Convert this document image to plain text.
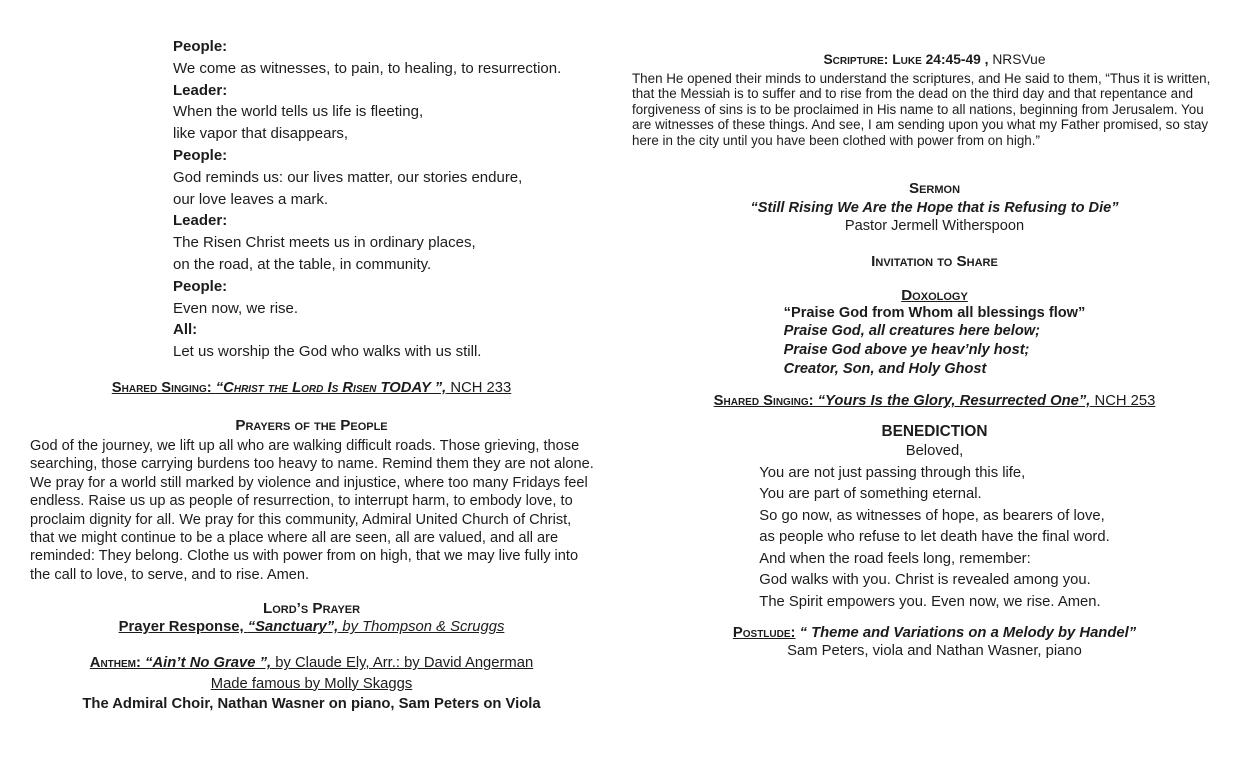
People:
We come as witnesses, to pain, to healing, to resurrection.
Leader:
When the world tells us life is fleeting,
like vapor that disappears,
People:
God reminds us: our lives matter, our stories endure,
our love leaves a mark.
Leader:
The Risen Christ meets us in ordinary places,
on the road, at the table, in community.
People:
Even now, we rise.
All:
Let us worship the God who walks with us still.
Shared Singing: “Christ the Lord Is Risen TODAY ”, NCH 233
Prayers of the People
God of the journey, we lift up all who are walking difficult roads. Those grieving, those searching, those carrying burdens too heavy to name. Remind them they are not alone. We pray for a world still marked by violence and injustice, where too many Fridays feel endless. Raise us up as people of resurrection, to interrupt harm, to embody love, to proclaim dignity for all. We pray for this community, Admiral United Church of Christ, that we might continue to be a place where all are seen, all are valued, and all are reminded: They belong. Clothe us with power from on high, that we may live fully into the call to love, to serve, and to rise. Amen.
Lord’s Prayer
Prayer Response, “Sanctuary”, by Thompson & Scruggs
Anthem: “Ain’t No Grave ”, by Claude Ely, Arr.: by David Angerman
Made famous by Molly Skaggs
The Admiral Choir, Nathan Wasner on piano, Sam Peters on Viola
Scripture: Luke 24:45-49 , NRSVue
Then He opened their minds to understand the scriptures, and He said to them, “Thus it is written, that the Messiah is to suffer and to rise from the dead on the third day and that repentance and forgiveness of sins is to be proclaimed in His name to all nations, beginning from Jerusalem. You are witnesses of these things. And see, I am sending upon you what my Father promised, so stay here in the city until you have been clothed with power from on high.”
Sermon
“Still Rising We Are the Hope that is Refusing to Die”
Pastor Jermell Witherspoon
Invitation to Share
Doxology
“Praise God from Whom all blessings flow”
Praise God, all creatures here below;
Praise God above ye heav’nly host;
Creator, Son, and Holy Ghost
Shared Singing: “Yours Is the Glory, Resurrected One”, NCH 253
BENEDICTION
Beloved,
You are not just passing through this life,
You are part of something eternal.
So go now, as witnesses of hope, as bearers of love,
as people who refuse to let death have the final word.
And when the road feels long, remember:
God walks with you. Christ is revealed among you.
The Spirit empowers you. Even now, we rise. Amen.
Postlude: “ Theme and Variations on a Melody by Handel”
Sam Peters, viola and Nathan Wasner, piano
